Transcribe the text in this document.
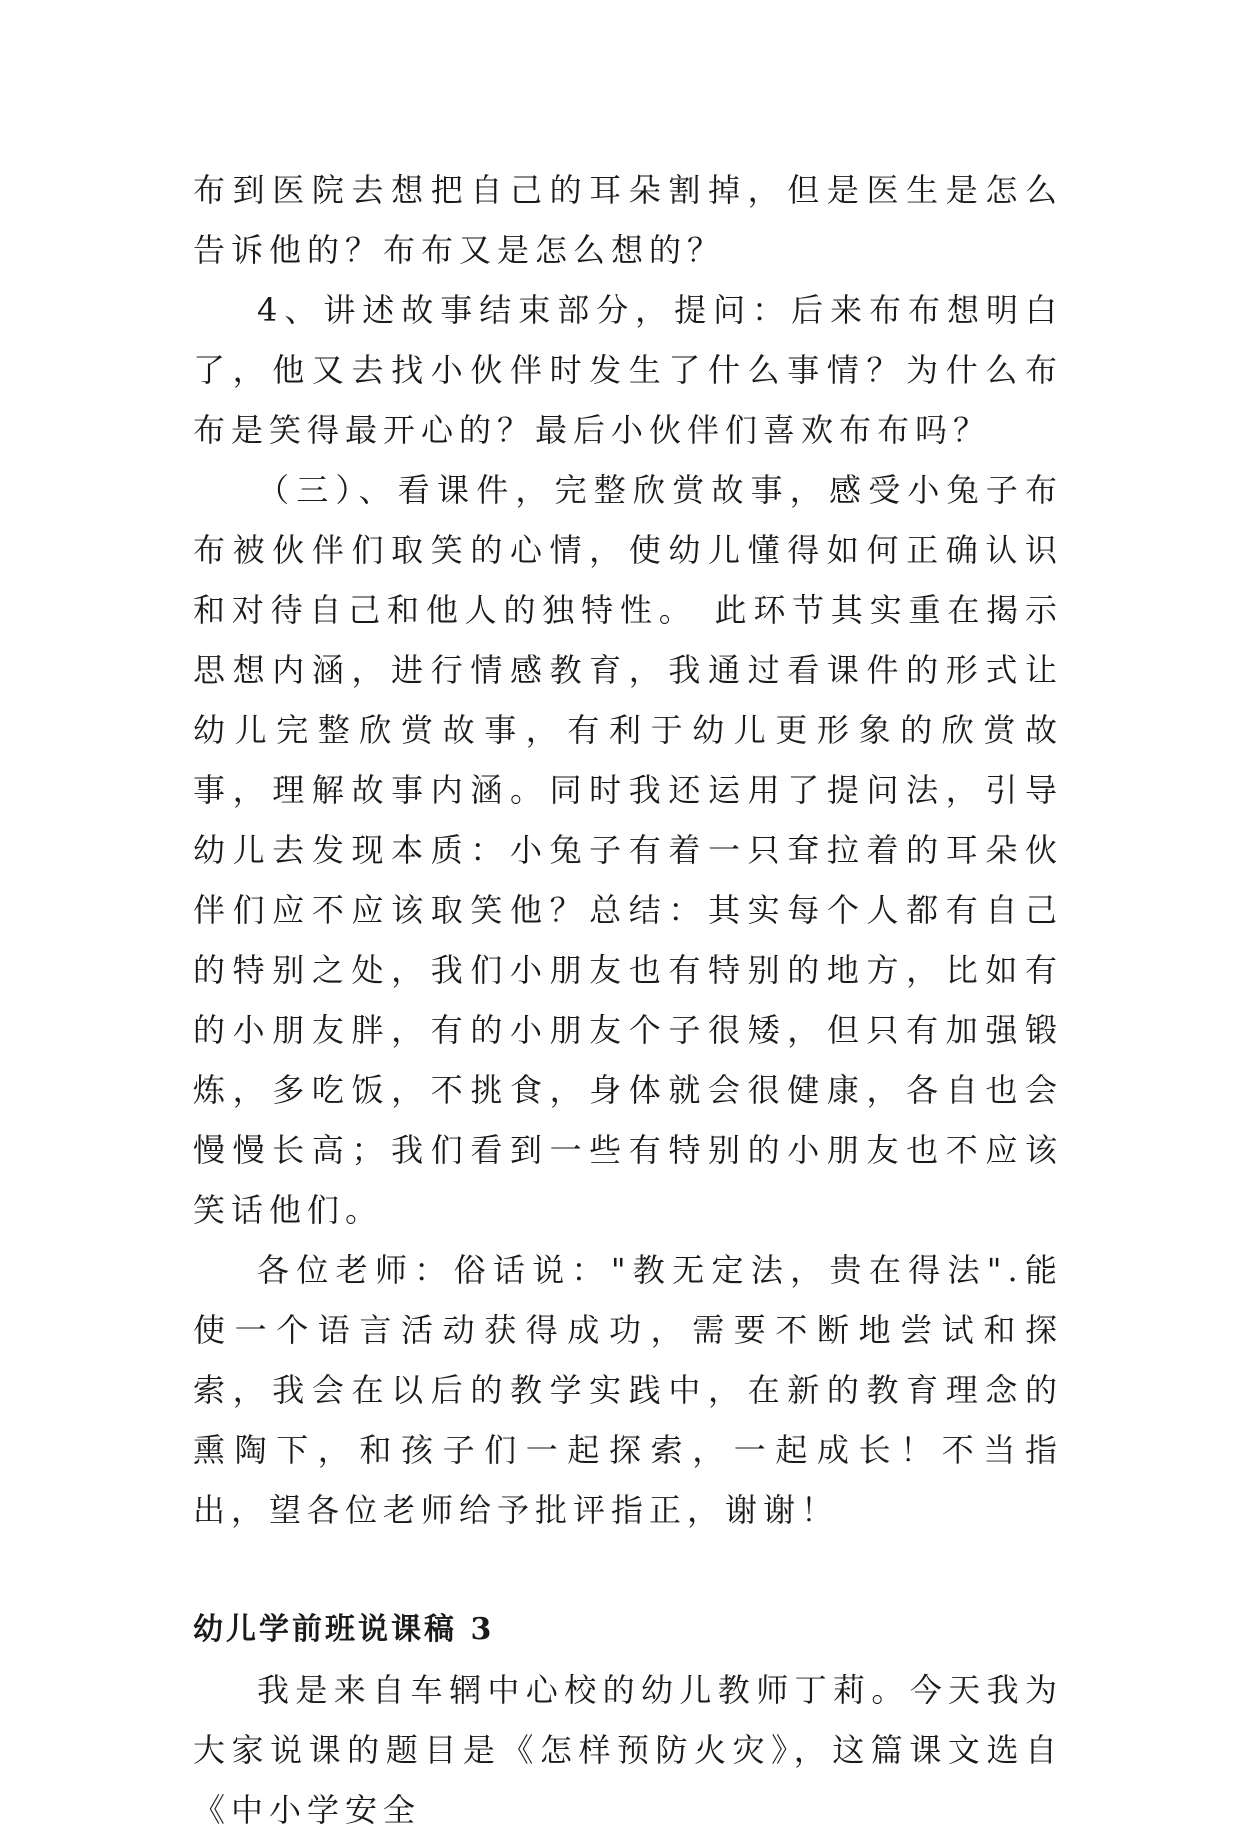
布到医院去想把自己的耳朵割掉，但是医生是怎么告诉他的？布布又是怎么想的？

4、讲述故事结束部分，提问：后来布布想明白了，他又去找小伙伴时发生了什么事情？为什么布布是笑得最开心的？最后小伙伴们喜欢布布吗？

（三）、看课件，完整欣赏故事，感受小兔子布布被伙伴们取笑的心情，使幼儿懂得如何正确认识和对待自己和他人的独特性。 此环节其实重在揭示思想内涵，进行情感教育，我通过看课件的形式让幼儿完整欣赏故事，有利于幼儿更形象的欣赏故事，理解故事内涵。同时我还运用了提问法，引导幼儿去发现本质：小兔子有着一只耷拉着的耳朵伙伴们应不应该取笑他？总结：其实每个人都有自己的特别之处，我们小朋友也有特别的地方，比如有的小朋友胖，有的小朋友个子很矮，但只有加强锻炼，多吃饭，不挑食，身体就会很健康，各自也会慢慢长高；我们看到一些有特别的小朋友也不应该笑话他们。

各位老师：俗话说："教无定法，贵在得法".能使一个语言活动获得成功，需要不断地尝试和探索，我会在以后的教学实践中，在新的教育理念的熏陶下，和孩子们一起探索，一起成长！不当指出，望各位老师给予批评指正，谢谢！

幼儿学前班说课稿 3

我是来自车辋中心校的幼儿教师丁莉。今天我为大家说课的题目是《怎样预防火灾》，这篇课文选自《中小学安全
